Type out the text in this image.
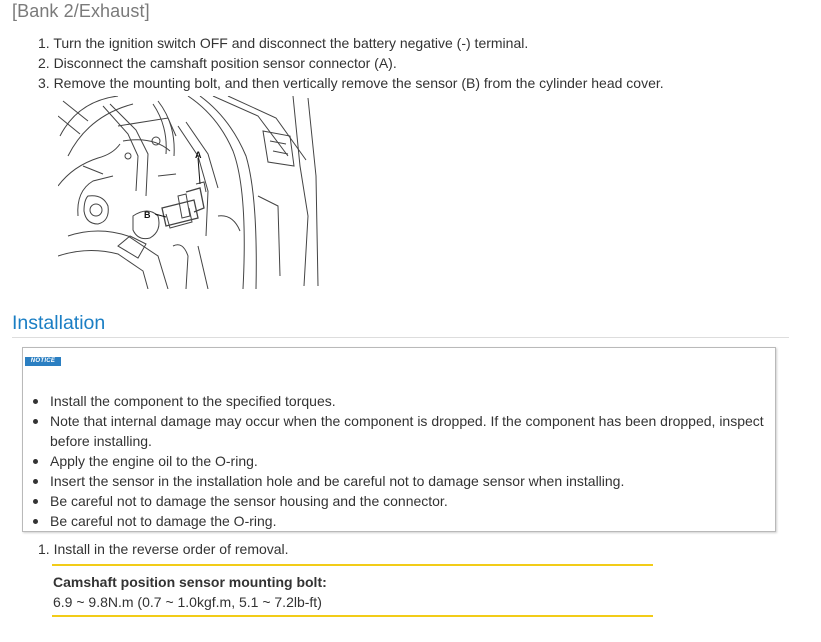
[Bank 2/Exhaust]
1. Turn the ignition switch OFF and disconnect the battery negative (-) terminal.
2. Disconnect the camshaft position sensor connector (A).
3. Remove the mounting bolt, and then vertically remove the sensor (B) from the cylinder head cover.
A
B
Installation
NOTICE
Install the component to the specified torques.
Note that internal damage may occur when the component is dropped. If the component has been dropped, inspect before installing.
Apply the engine oil to the O-ring.
Insert the sensor in the installation hole and be careful not to damage sensor when installing.
Be careful not to damage the sensor housing and the connector.
Be careful not to damage the O-ring.
1. Install in the reverse order of removal.
Camshaft position sensor mounting bolt:
6.9 ~ 9.8N.m (0.7 ~ 1.0kgf.m, 5.1 ~ 7.2lb-ft)
